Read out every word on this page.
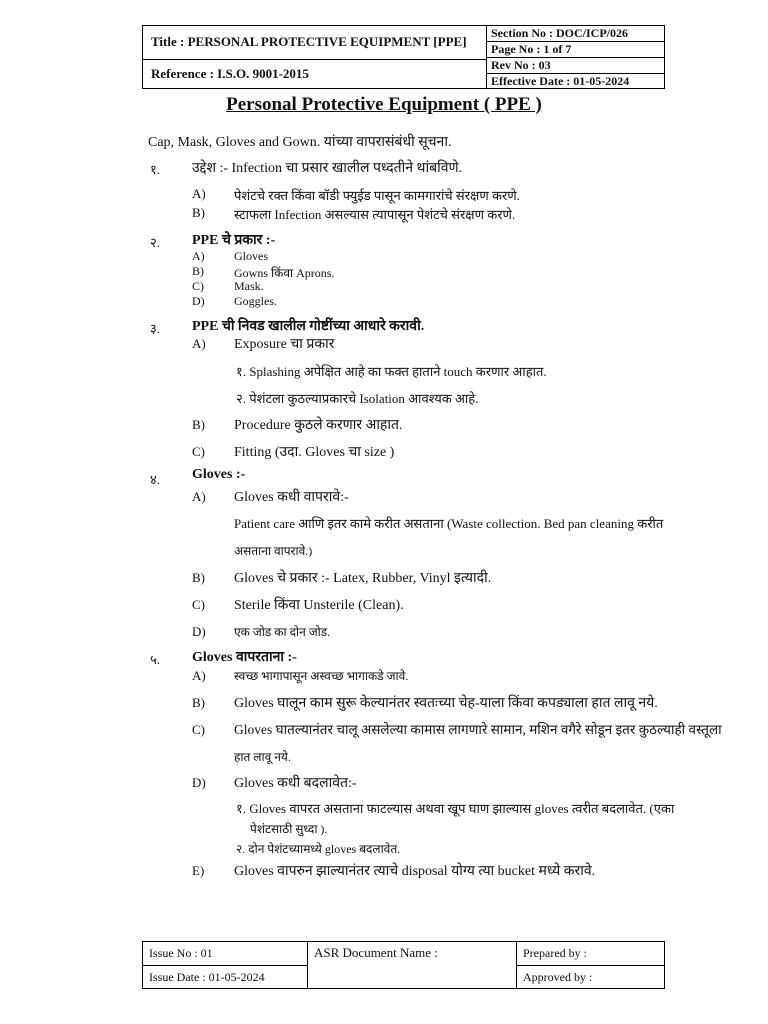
Title : PERSONAL PROTECTIVE EQUIPMENT [PPE]
Reference : I.S.O. 9001-2015
Section No : DOC/ICP/026
Page No : 1 of 7
Rev No : 03
Effective Date : 01-05-2024
Personal Protective Equipment ( PPE )
Cap, Mask, Gloves and Gown. यांच्या वापरासंबंधी सूचना.
१. उद्देश :- Infection चा प्रसार खालील पध्दतीने थांबविणे.
A) पेशंटचे रक्त किंवा बॉडी फ्युईड पासून कामगारांचे संरक्षण करणे.
B) स्टाफला Infection असल्यास त्यापासून पेशंटचे संरक्षण करणे.
२. PPE चे प्रकार :-
A) Gloves
B)	Gowns किंवा Aprons.
C)	Mask.
D) Goggles.
३. PPE ची निवड खालील गोष्टींच्या आधारे करावी.
A) Exposure चा प्रकार
१. Splashing अपेक्षित आहे का फक्त हाताने touch करणार आहात.
२. पेशंटला कुठल्याप्रकारचे Isolation आवश्यक आहे.
B) Procedure कुठले करणार आहात.
C) Fitting (उदा. Gloves चा size )
४. Gloves :-
A) Gloves कधी वापरावे:-
Patient care आणि इतर कामे करीत असताना (Waste collection. Bed pan cleaning करीत
असताना वापरावे.)
B) Gloves चे प्रकार :- Latex, Rubber, Vinyl इत्यादी.
C) Sterile किंवा Unsterile (Clean).
D) एक जोड का दोन जोड.
५. Gloves वापरताना :-
A) स्वच्छ भागापासून अस्वच्छ भागाकडे जावे.
B) Gloves घालून काम सुरू केल्यानंतर स्वतःच्या चेह-याला किंवा कपड्याला हात लावू नये.
C) Gloves घातल्यानंतर चालू असलेल्या कामास लागणारे सामान, मशिन वगैरे सोडून इतर कुठल्याही वस्तूला
हात लावू नये.
D) Gloves कधी बदलावेत:-
१. Gloves वापरत असताना फाटल्यास अथवा खूप घाण झाल्यास gloves त्वरीत बदलावेत. (एका
पेशंटसाठी सुध्दा ).
२. दोन पेशंटच्यामध्ये gloves बदलावेत.
E) Gloves वापरुन झाल्यानंतर त्याचे disposal योग्य त्या bucket मध्ये करावे.
Issue No : 01
Issue Date : 01-05-2024
ASR Document Name :	Prepared by :
Approved by :
